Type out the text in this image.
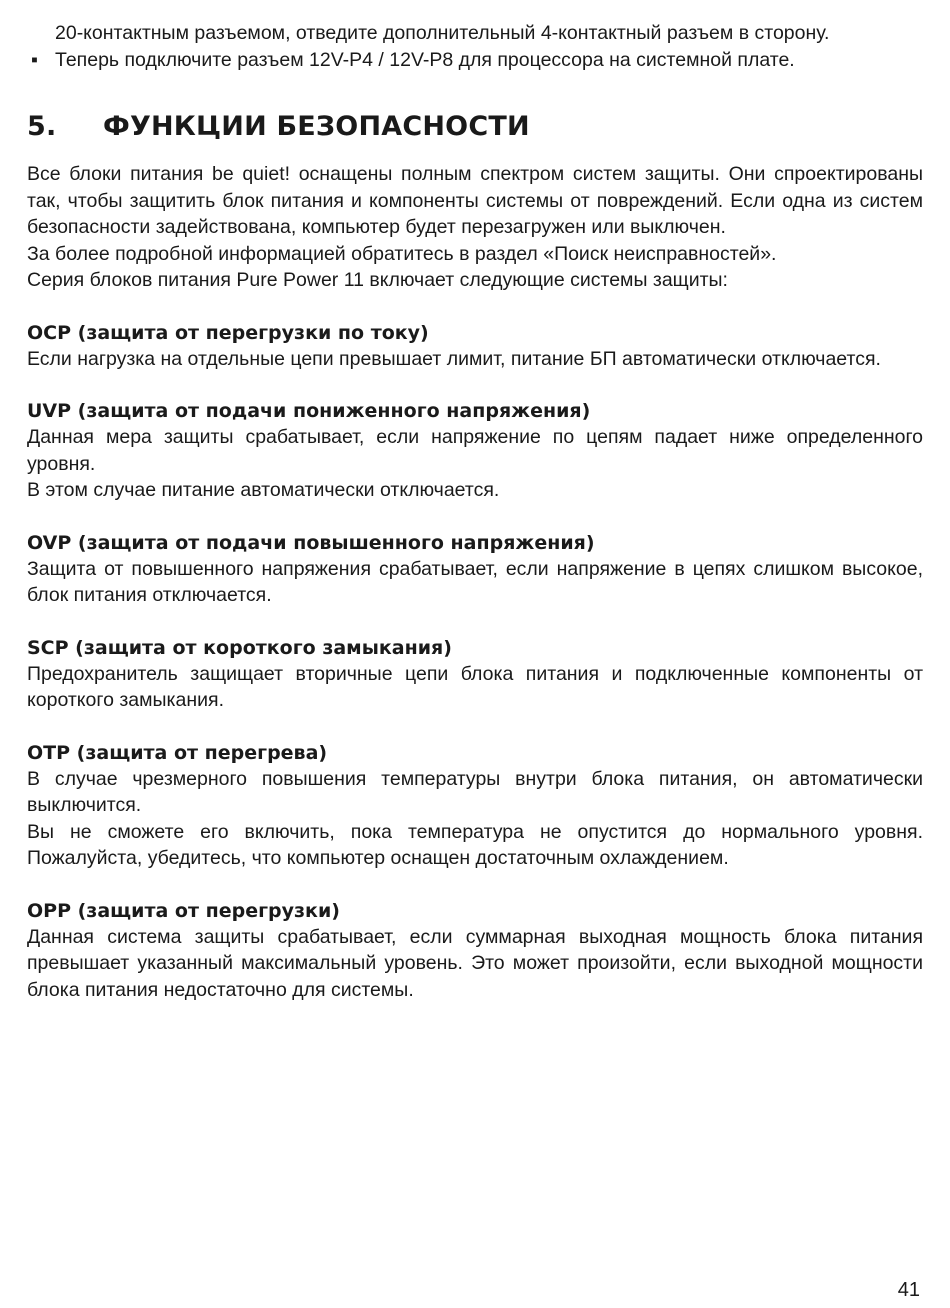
20-контактным разъемом, отведите дополнительный 4-контактный разъем в сторону.

▪ Теперь подключите разъем 12V-P4 / 12V-P8 для процессора на системной плате.
5.	ФУНКЦИИ БЕЗОПАСНОСТИ

Все блоки питания be quiet! оснащены полным спектром систем защиты. Они спроектированы так, чтобы защитить блок питания и компоненты системы от повреждений. Если одна из систем безопасности задействована, компьютер будет перезагружен или выключен.

За более подробной информацией обратитесь в раздел «Поиск неисправностей».

Серия блоков питания Pure Power 11 включает следующие системы защиты:

OCP (защита от перегрузки по току)

Если нагрузка на отдельные цепи превышает лимит, питание БП автоматически отключается.

UVP (защита от подачи пониженного напряжения)

Данная мера защиты срабатывает, если напряжение по цепям падает ниже определенного уровня.

В этом случае питание автоматически отключается.

OVP (защита от подачи повышенного напряжения)

Защита от повышенного напряжения срабатывает, если напряжение в цепях слишком высокое, блок питания отключается.

SCP (защита от короткого замыкания)

Предохранитель защищает вторичные цепи блока питания и подключенные компоненты от короткого замыкания.

OTP (защита от перегрева)

В случае чрезмерного повышения температуры внутри блока питания, он автоматически выключится.

Вы не сможете его включить, пока температура не опустится до нормального уровня. Пожалуйста, убедитесь, что компьютер оснащен достаточным охлаждением.

OPP (защита от перегрузки)

Данная система защиты срабатывает, если суммарная выходная мощность блока питания превышает указанный максимальный уровень. Это может произойти, если выходной мощности блока питания недостаточно для системы.

41
